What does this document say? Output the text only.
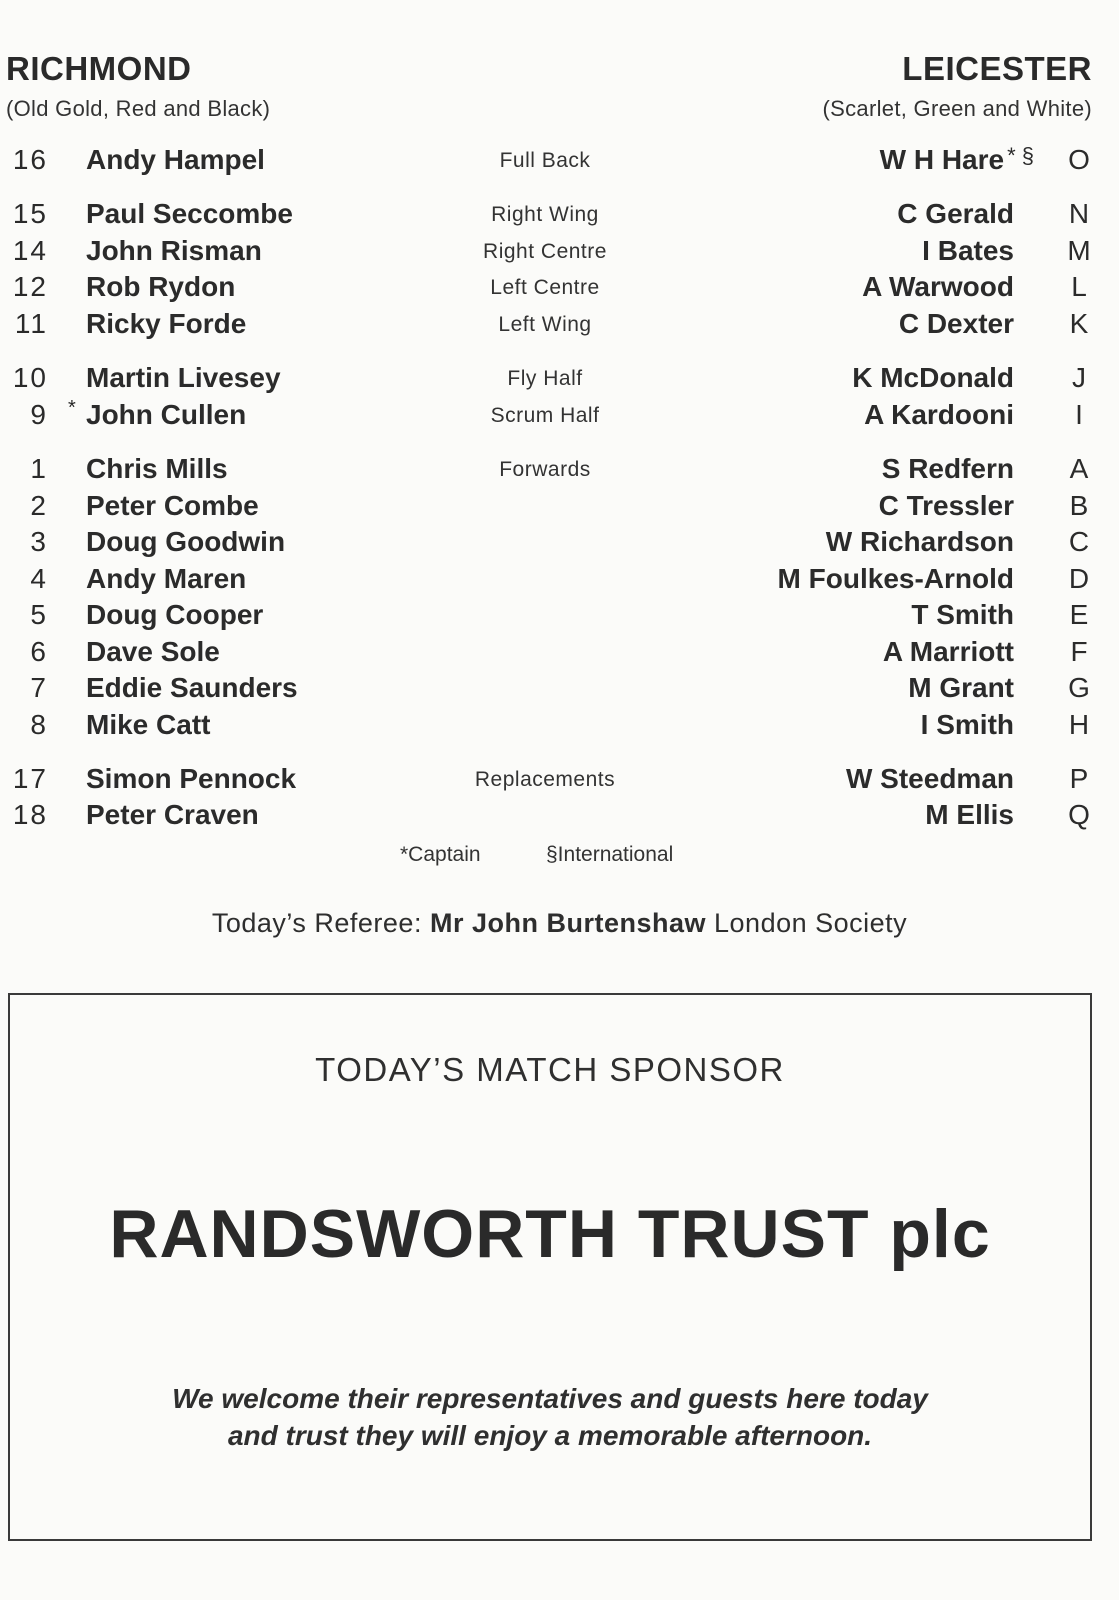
RICHMOND
(Old Gold, Red and Black)
LEICESTER
(Scarlet, Green and White)
16 Andy Hampel	Full Back	W H Hare * § O
15 Paul Seccombe	Right Wing	C Gerald N
14 John Risman	Right Centre	I Bates M
12 Rob Rydon	Left Centre	A Warwood L
11 Ricky Forde	Left Wing	C Dexter K
10 Martin Livesey	Fly Half	K McDonald J
9 * John Cullen	Scrum Half	A Kardooni	I
1 Chris Mills	Forwards	S Redfern A
2 Peter Combe	C Tressler B
3 Doug Goodwin	W Richardson C
4 Andy Maren	M Foulkes-Arnold D
5 Doug Cooper	T Smith E
6 Dave Sole	A Marriott F
7 Eddie Saunders	M Grant G
8 Mike Catt	I Smith H
17 Simon Pennock	Replacements	W Steedman P
18 Peter Craven	M Ellis Q
*Captain	§International
Today’s Referee: Mr John Burtenshaw London Society
TODAY’S MATCH SPONSOR
RANDSWORTH TRUST plc
We welcome their representatives and guests here today
and trust they will enjoy a memorable afternoon.
